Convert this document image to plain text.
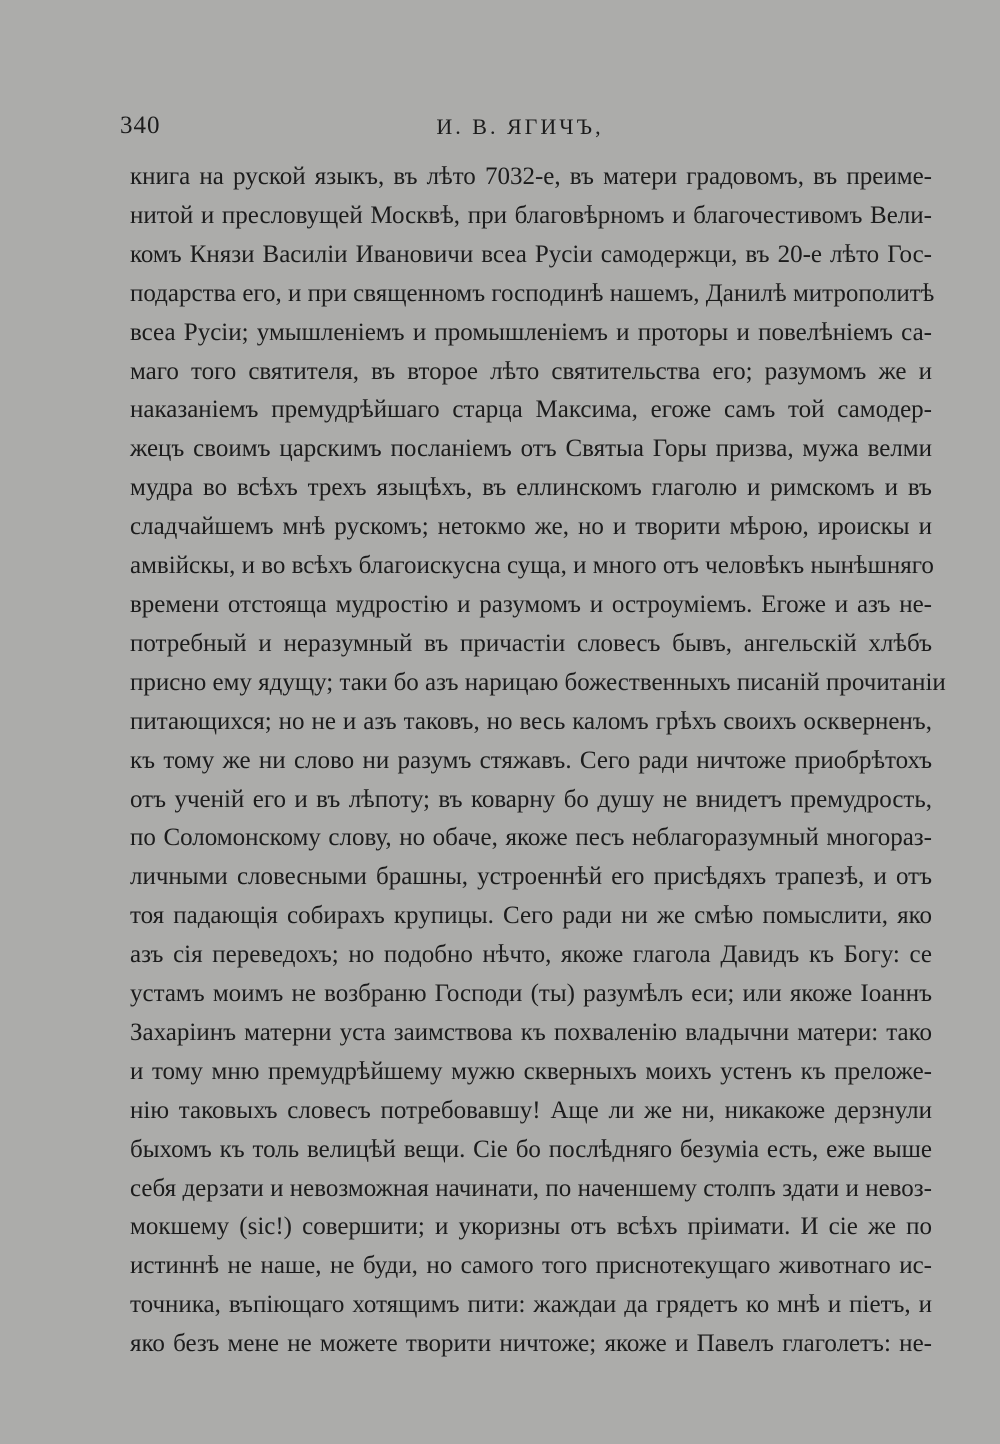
340	И. В. ЯГИЧЪ,
книга на руской языкъ, въ лѣто 7032-е, въ матери градовомъ, въ преиме-
нитой и пресловущей Москвѣ, при благовѣрномъ и благочестивомъ Вели-
комъ Князи Василiи Ивановичи всеа Русiи самодержци, въ 20-е лѣто Гос-
подарства его, и при священномъ господинѣ нашемъ, Данилѣ митрополитѣ
всеа Русiи; умышленiемъ и промышленiемъ и проторы и повелѣнiемъ са-
маго того святителя, въ второе лѣто святительства его; разумомъ же и
наказанiемъ премудрѣйшаго старца Максима, егоже самъ той самодер-
жецъ своимъ царскимъ посланiемъ отъ Святыа Горы призва, мужа велми
мудра во всѣхъ трехъ языцѣхъ, въ еллинскомъ глаголю и римскомъ и въ
сладчайшемъ мнѣ рускомъ; нетокмо же, но и творити мѣрою, ироискы и
амвiйскы, и во всѣхъ благоискусна суща, и много отъ человѣкъ нынѣшняго
времени отстояща мудростiю и разумомъ и остроумiемъ. Егоже и азъ не-
потребный и неразумный въ причастiи словесъ бывъ, ангельскiй хлѣбъ
присно ему ядущу; таки бо азъ нарицаю божественныхъ писанiй прочитанiи
питающихся; но не и азъ таковъ, но весь каломъ грѣхъ своихъ оскверненъ,
къ тому же ни слово ни разумъ стяжавъ. Сего ради ничтоже приобрѣтохъ
отъ ученiй его и въ лѣпоту; въ коварну бо душу не внидетъ премудрость,
по Соломонскому слову, но обаче, якоже песъ неблагоразумный многораз-
личными словесными брашны, устроеннѣй его присѣдяхъ трапезѣ, и отъ
тоя падающiя собирахъ крупицы. Сего ради ни же смѣю помыслити, яко
азъ сiя переведохъ; но подобно нѣчто, якоже глагола Давидъ къ Богу: се
устамъ моимъ не возбраню Господи (ты) разумѣлъ еси; или якоже Iоаннъ
Захарiинъ матерни уста заимствова къ похваленiю владычни матери: тако
и тому мню премудрѣйшему мужю скверныхъ моихъ устенъ къ преложе-
нiю таковыхъ словесъ потребовавшу! Аще ли же ни, никакоже дерзнули
быхомъ къ толь велицѣй вещи. Сiе бо послѣдняго безумiа есть, еже выше
себя дерзати и невозможная начинати, по наченшему столпъ здати и невоз-
мокшему (sic!) совершити; и укоризны отъ всѣхъ прiимати. И сiе же по
истиннѣ не наше, не буди, но самого того приснотекущаго животнаго ис-
точника, въпiющаго хотящимъ пити: жаждаи да грядетъ ко мнѣ и пiетъ, и
яко безъ мене не можете творити ничтоже; якоже и Павелъ глаголетъ: не-
